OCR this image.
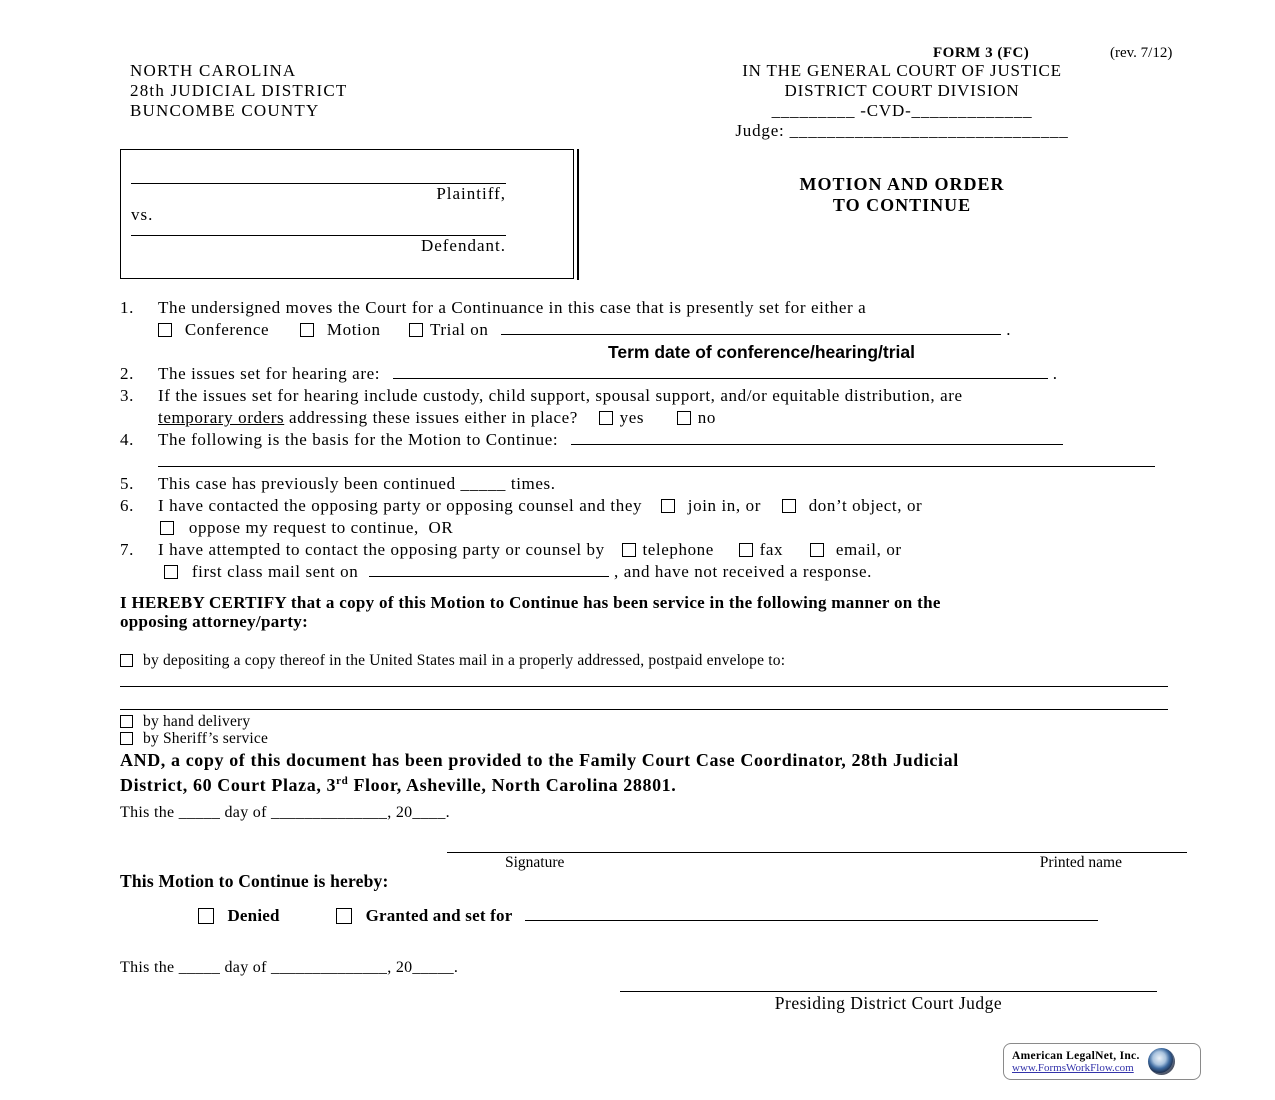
FORM 3 (FC)	(rev. 7/12)
NORTH CAROLINA
28th JUDICIAL DISTRICT
BUNCOMBE COUNTY
IN THE GENERAL COURT OF JUSTICE
DISTRICT COURT DIVISION
_________ -CVD-_____________
Judge: ______________________________
Plaintiff,
vs.
Defendant.
MOTION AND ORDER
TO CONTINUE
1. The undersigned moves the Court for a Continuance in this case that is presently set for either a
Conference	Motion	Trial on	.
Term date of conference/hearing/trial
2. The issues set for hearing are:	.
3. If the issues set for hearing include custody, child support, spousal support, and/or equitable distribution, are
temporary orders addressing these issues either in place? yes	no
4. The following is the basis for the Motion to Continue:
5. This case has previously been continued _____ times.
6. I have contacted the opposing party or opposing counsel and they	join in, or	don’t object, or
oppose my request to continue,  OR
7. I have attempted to contact the opposing party or counsel by telephone	fax	email, or
first class mail sent on	, and have not received a response.
I HEREBY CERTIFY that a copy of this Motion to Continue has been service in the following manner on the
opposing attorney/party:
by depositing a copy thereof in the United States mail in a properly addressed, postpaid envelope to:
by hand delivery
by Sheriff’s service
AND, a copy of this document has been provided to the Family Court Case Coordinator, 28th Judicial
District, 60 Court Plaza, 3rd Floor, Asheville, North Carolina 28801.
This the _____ day of ______________, 20____.
Signature	Printed name
This Motion to Continue is hereby:
Denied	Granted and set for
This the _____ day of ______________, 20_____.
Presiding District Court Judge
American LegalNet, Inc.
www.FormsWorkFlow.com
